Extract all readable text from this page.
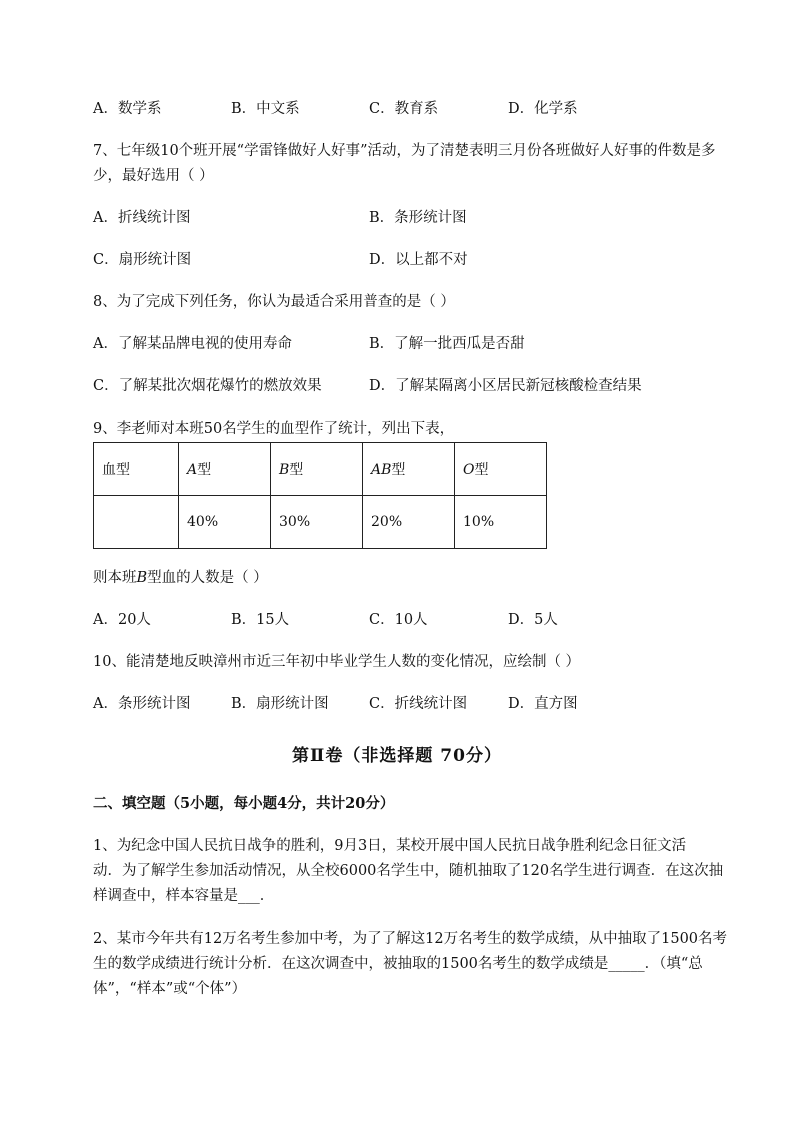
A．数学系	B．中文系	C．教育系	D．化学系
7、七年级10个班开展“学雷锋做好人好事”活动，为了清楚表明三月份各班做好人好事的件数是多
少，最好选用（ ）
A．折线统计图	B．条形统计图
C．扇形统计图	D．以上都不对
8、为了完成下列任务，你认为最适合采用普查的是（ ）
A．了解某品牌电视的使用寿命	B．了解一批西瓜是否甜
C．了解某批次烟花爆竹的燃放效果	D．了解某隔离小区居民新冠核酸检查结果
9、李老师对本班50名学生的血型作了统计，列出下表，
血型	A型	B型	AB型	O型
	40%	30%	20%	10%
则本班B型血的人数是（ ）
A．20人	B．15人	C．10人	D．5人
10、能清楚地反映漳州市近三年初中毕业学生人数的变化情况，应绘制（ ）
A．条形统计图	B．扇形统计图	C．折线统计图	D．直方图
第Ⅱ卷（非选择题 70分）
二、填空题（5小题，每小题4分，共计20分）
1、为纪念中国人民抗日战争的胜利，9月3日，某校开展中国人民抗日战争胜利纪念日征文活
动．为了解学生参加活动情况，从全校6000名学生中，随机抽取了120名学生进行调查．在这次抽
样调查中，样本容量是___．
2、某市今年共有12万名考生参加中考，为了了解这12万名考生的数学成绩，从中抽取了1500名考
生的数学成绩进行统计分析．在这次调查中，被抽取的1500名考生的数学成绩是_____．（填“总
体”，“样本”或“个体”）
